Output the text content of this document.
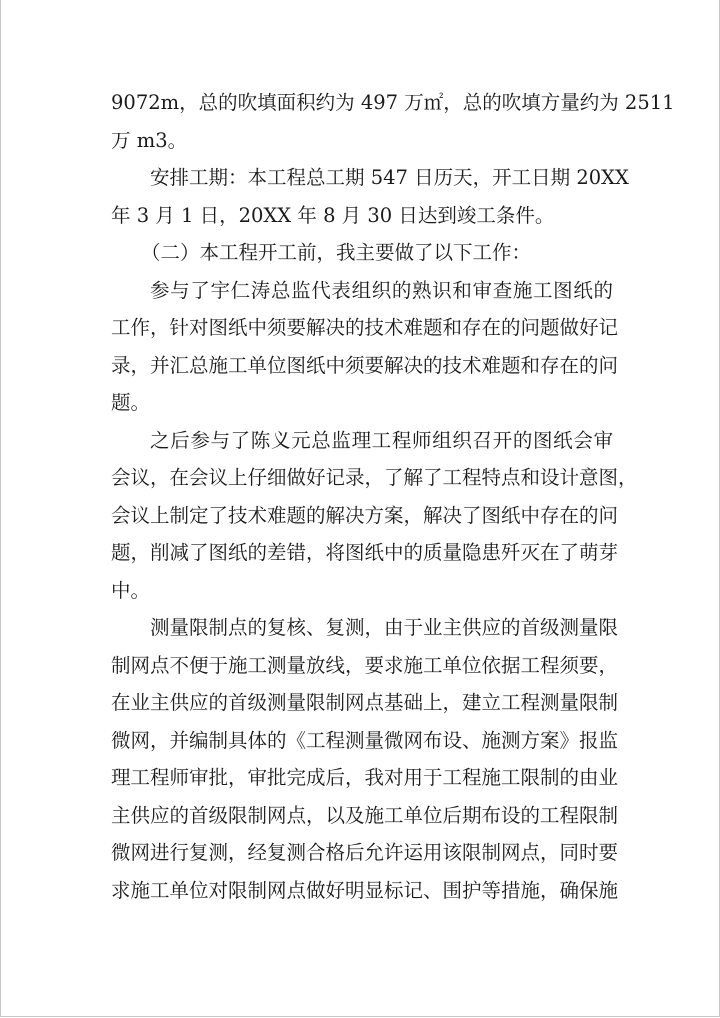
9072m，总的吹填面积约为 497 万㎡，总的吹填方量约为 2511
万 m3。
安排工期：本工程总工期 547 日历天，开工日期 20XX
年 3 月 1 日，20XX 年 8 月 30 日达到竣工条件。
（二）本工程开工前，我主要做了以下工作：
参与了宇仁涛总监代表组织的熟识和审查施工图纸的
工作，针对图纸中须要解决的技术难题和存在的问题做好记
录，并汇总施工单位图纸中须要解决的技术难题和存在的问
题。
之后参与了陈义元总监理工程师组织召开的图纸会审
会议，在会议上仔细做好记录，了解了工程特点和设计意图，
会议上制定了技术难题的解决方案，解决了图纸中存在的问
题，削减了图纸的差错，将图纸中的质量隐患歼灭在了萌芽
中。
测量限制点的复核、复测，由于业主供应的首级测量限
制网点不便于施工测量放线，要求施工单位依据工程须要，
在业主供应的首级测量限制网点基础上，建立工程测量限制
微网，并编制具体的《工程测量微网布设、施测方案》报监
理工程师审批，审批完成后，我对用于工程施工限制的由业
主供应的首级限制网点，以及施工单位后期布设的工程限制
微网进行复测，经复测合格后允许运用该限制网点，同时要
求施工单位对限制网点做好明显标记、围护等措施，确保施
